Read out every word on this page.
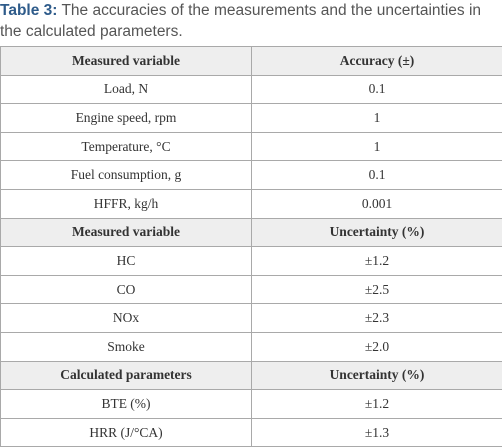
Table 3: The accuracies of the measurements and the uncertainties in
the calculated parameters.
Measured variable	Accuracy (±)
Load, N	0.1
Engine speed, rpm	1
Temperature, °C	1
Fuel consumption, g	0.1
HFFR, kg/h	0.001
Measured variable	Uncertainty (%)
HC	±1.2
CO	±2.5
NOx	±2.3
Smoke	±2.0
Calculated parameters	Uncertainty (%)
BTE (%)	±1.2
HRR (J/°CA)	±1.3
